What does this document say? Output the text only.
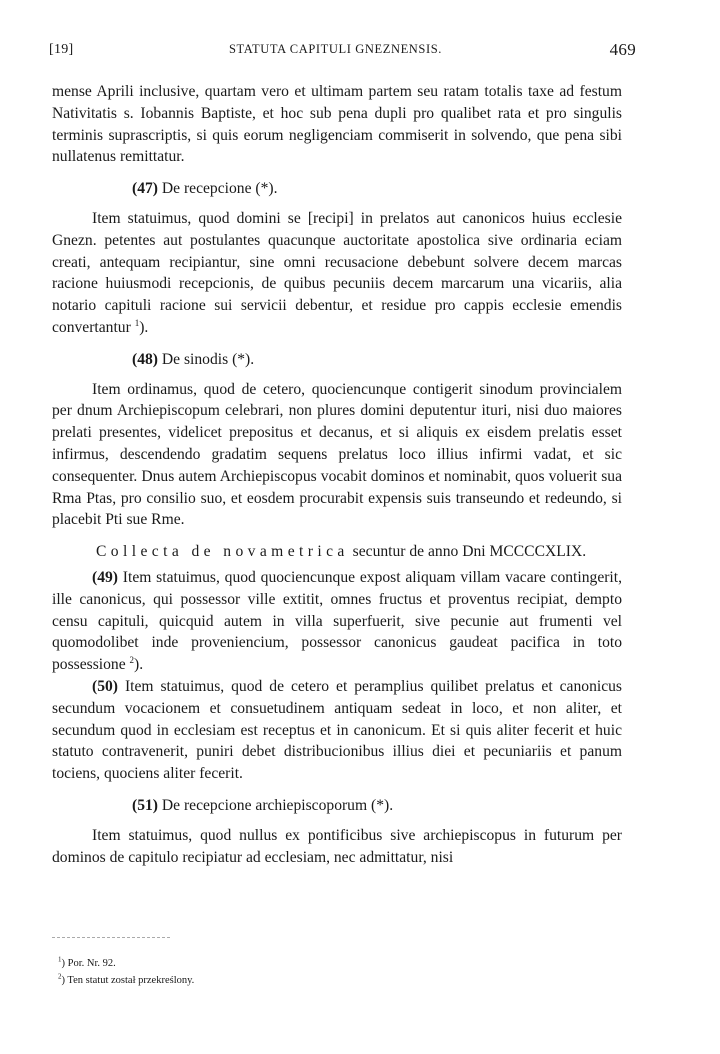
[19]	STATUTA CAPITULI GNEZNENSIS.	469

mense Aprili inclusive, quartam vero et ultimam partem seu ratam totalis taxe ad festum Nativitatis s. Iobannis Baptiste, et hoc sub pena dupli pro qualibet rata et pro singulis terminis suprascriptis, si quis eorum negligenciam commiserit in solvendo, que pena sibi nullatenus remittatur.

(47) De recepcione (*).

Item statuimus, quod domini se [recipi] in prelatos aut canonicos huius ecclesie Gnezn. petentes aut postulantes quacunque auctoritate apostolica sive ordinaria eciam creati, antequam recipiantur, sine omni recusacione debebunt solvere decem marcas racione huiusmodi recepcionis, de quibus pecuniis decem marcarum una vicariis, alia notario capituli racione sui servicii debentur, et residue pro cappis ecclesie emendis convertantur $^1$).

(48) De sinodis (*).

Item ordinamus, quod de cetero, quociencunque contigerit sinodum provincialem per dnum Archiepiscopum celebrari, non plures domini deputentur ituri, nisi duo maiores prelati presentes, videlicet prepositus et decanus, et si aliquis ex eisdem prelatis esset infirmus, descendendo gradatim sequens prelatus loco illius infirmi vadat, et sic consequenter. Dnus autem Archiepiscopus vocabit dominos et nominabit, quos voluerit sua Rma Ptas, pro consilio suo, et eosdem procurabit expensis suis transeundo et redeundo, si placebit Pti sue Rme.

Collecta de novametrica secuntur de anno Dni MCCCCXLIX.

(49) Item statuimus, quod quociencunque expost aliquam villam vacare contingerit, ille canonicus, qui possessor ville extitit, omnes fructus et proventus recipiat, dempto censu capituli, quicquid autem in villa superfuerit, sive pecunie aut frumenti vel quomodolibet inde proveniencium, possessor canonicus gaudeat pacifica in toto possessione $^2$).

(50) Item statuimus, quod de cetero et peramplius quilibet prelatus et canonicus secundum vocacionem et consuetudinem antiquam sedeat in loco, et non aliter, et secundum quod in ecclesiam est receptus et in canonicum. Et si quis aliter fecerit et huic statuto contravenerit, puniri debet distribucionibus illius diei et pecuniariis et panum tociens, quociens aliter fecerit.

(51) De recepcione archiepiscoporum (*).

Item statuimus, quod nullus ex pontificibus sive archiepiscopus in futurum per dominos de capitulo recipiatur ad ecclesiam, nec admittatur, nisi

$^1$) Por. Nr. 92.
$^2$) Ten statut został przekreślony.
